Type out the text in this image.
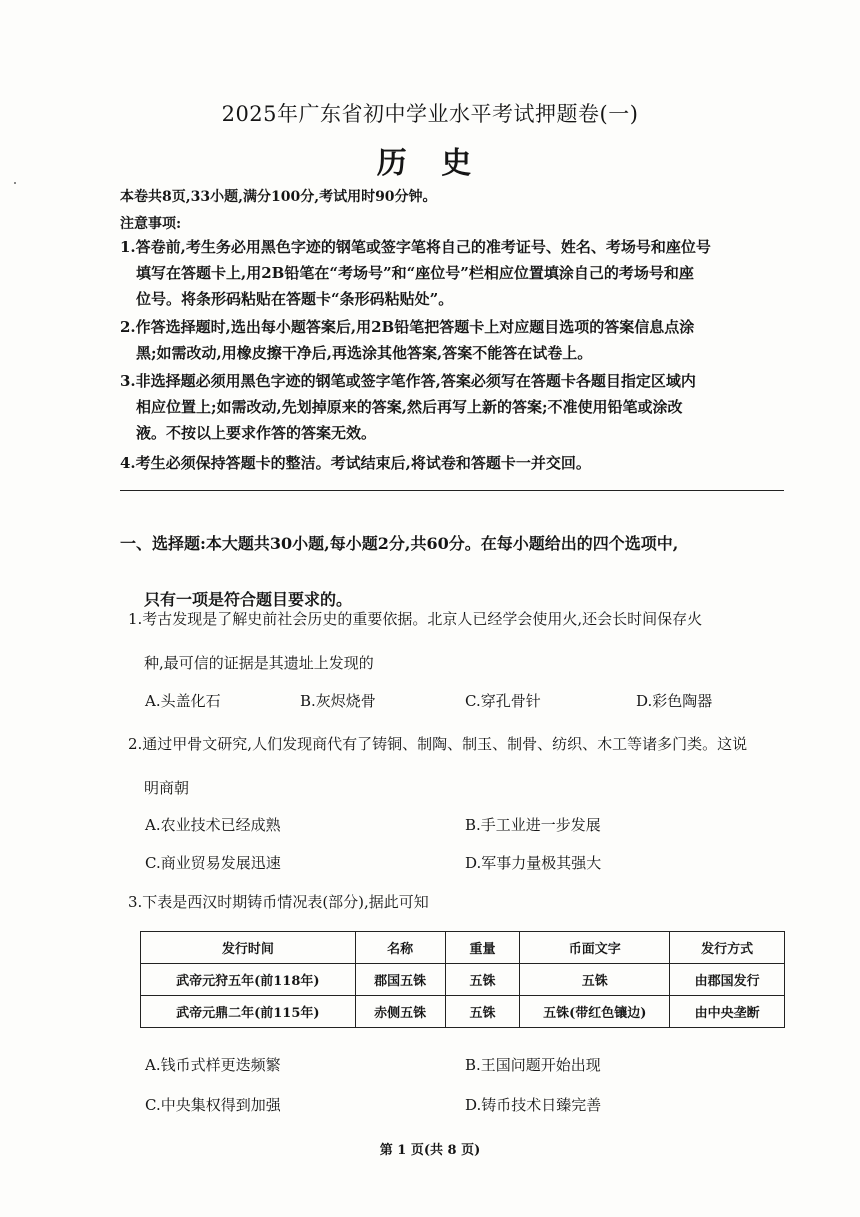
2025年广东省初中学业水平考试押题卷(一)
历 史
本卷共8页,33小题,满分100分,考试用时90分钟。
注意事项:
1.答卷前,考生务必用黑色字迹的钢笔或签字笔将自己的准考证号、姓名、考场号和座位号
填写在答题卡上,用2B铅笔在“考场号”和“座位号”栏相应位置填涂自己的考场号和座
位号。将条形码粘贴在答题卡“条形码粘贴处”。
2.作答选择题时,选出每小题答案后,用2B铅笔把答题卡上对应题目选项的答案信息点涂
黑;如需改动,用橡皮擦干净后,再选涂其他答案,答案不能答在试卷上。
3.非选择题必须用黑色字迹的钢笔或签字笔作答,答案必须写在答题卡各题目指定区域内
相应位置上;如需改动,先划掉原来的答案,然后再写上新的答案;不准使用铅笔或涂改
液。不按以上要求作答的答案无效。
4.考生必须保持答题卡的整洁。考试结束后,将试卷和答题卡一并交回。
一、选择题:本大题共30小题,每小题2分,共60分。在每小题给出的四个选项中,
只有一项是符合题目要求的。
1.考古发现是了解史前社会历史的重要依据。北京人已经学会使用火,还会长时间保存火
种,最可信的证据是其遗址上发现的
A.头盖化石	B.灰烬烧骨	C.穿孔骨针	D.彩色陶器
2.通过甲骨文研究,人们发现商代有了铸铜、制陶、制玉、制骨、纺织、木工等诸多门类。这说
明商朝
A.农业技术已经成熟	B.手工业进一步发展
C.商业贸易发展迅速	D.军事力量极其强大
3.下表是西汉时期铸币情况表(部分),据此可知
发行时间	名称	重量	币面文字	发行方式
武帝元狩五年(前118年)	郡国五铢	五铢	五铢	由郡国发行
武帝元鼎二年(前115年)	赤侧五铢	五铢	五铢(带红色镶边)	由中央垄断
A.钱币式样更迭频繁	B.王国问题开始出现
C.中央集权得到加强	D.铸币技术日臻完善
第 1 页(共 8 页)
